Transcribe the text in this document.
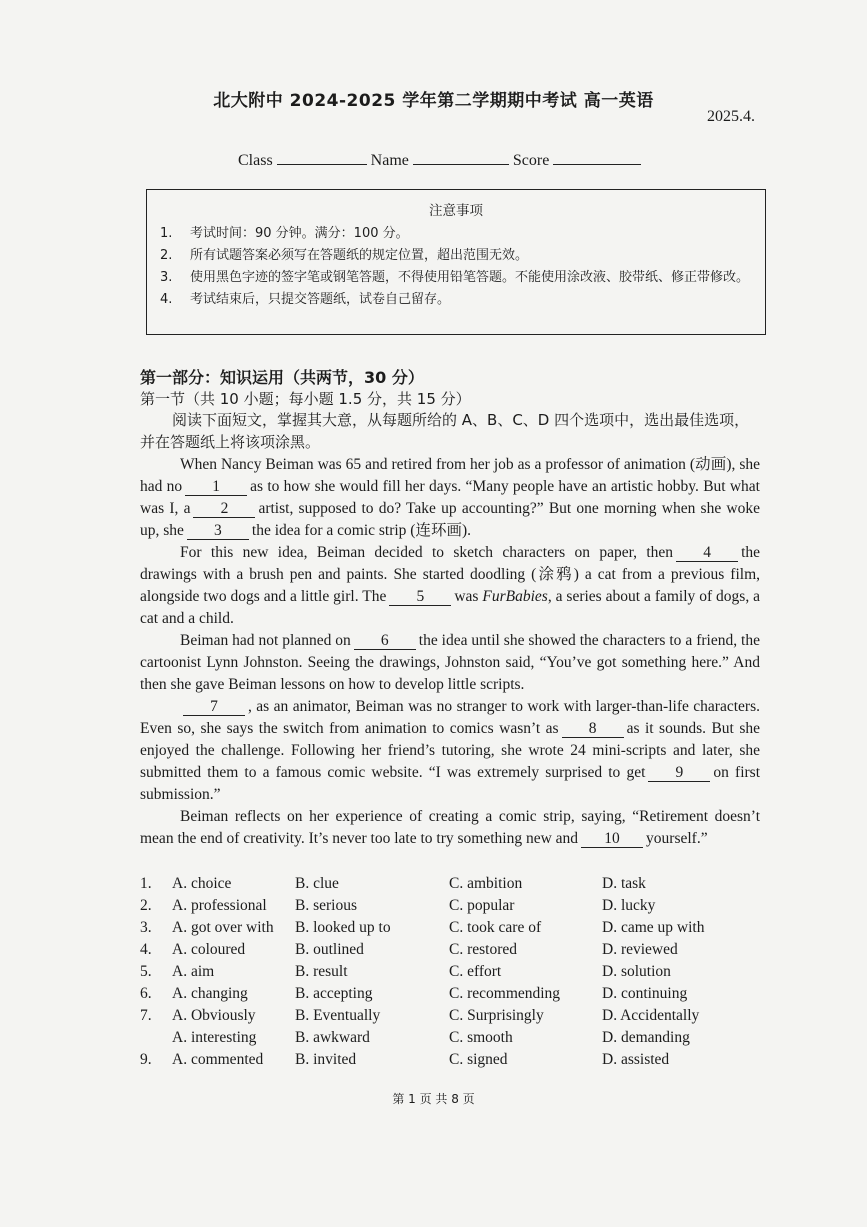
北大附中 2024-2025 学年第二学期期中考试 高一英语
2025.4.
Class	Name	Score
注意事项
1. 考试时间：90 分钟。满分：100 分。
2. 所有试题答案必须写在答题纸的规定位置，超出范围无效。
3. 使用黑色字迹的签字笔或钢笔答题，不得使用铅笔答题。不能使用涂改液、胶带纸、修正带修改。
4. 考试结束后，只提交答题纸，试卷自己留存。
第一部分：知识运用（共两节，30 分）
第一节（共 10 小题；每小题 1.5 分，共 15 分）

阅读下面短文，掌握其大意，从每题所给的 A、B、C、D 四个选项中，选出最佳选项，并在答题纸上将该项涂黑。

When Nancy Beiman was 65 and retired from her job as a professor of animation (动画), she had no 1 as to how she would fill her days. “Many people have an artistic hobby. But what was I, a 2 artist, supposed to do? Take up accounting?” But one morning when she woke up, she 3 the idea for a comic strip (连环画).

For this new idea, Beiman decided to sketch characters on paper, then 4 the drawings with a brush pen and paints. She started doodling (涂鸦) a cat from a previous film, alongside two dogs and a little girl. The 5 was FurBabies, a series about a family of dogs, a cat and a child.

Beiman had not planned on 6 the idea until she showed the characters to a friend, the cartoonist Lynn Johnston. Seeing the drawings, Johnston said, “You’ve got something here.” And then she gave Beiman lessons on how to develop little scripts.

7 , as an animator, Beiman was no stranger to work with larger-than-life characters. Even so, she says the switch from animation to comics wasn’t as 8 as it sounds. But she enjoyed the challenge. Following her friend’s tutoring, she wrote 24 mini-scripts and later, she submitted them to a famous comic website. “I was extremely surprised to get 9 on first submission.”

Beiman reflects on her experience of creating a comic strip, saying, “Retirement doesn’t mean the end of creativity. It’s never too late to try something new and 10 yourself.”

1. A. choice	B. clue	C. ambition	D. task
2. A. professional B. serious	C. popular	D. lucky
3. A. got over with B. looked up to	C. took care of	D. came up with
4. A. coloured	B. outlined	C. restored	D. reviewed
5. A. aim	B. result	C. effort	D. solution
6. A. changing	B. accepting	C. recommending	D. continuing
7. A. Obviously	B. Eventually	C. Surprisingly	D. Accidentally
A. interesting B. awkward	C. smooth	D. demanding
9. A. commented B. invited	C. signed	D. assisted
第 1 页 共 8 页
